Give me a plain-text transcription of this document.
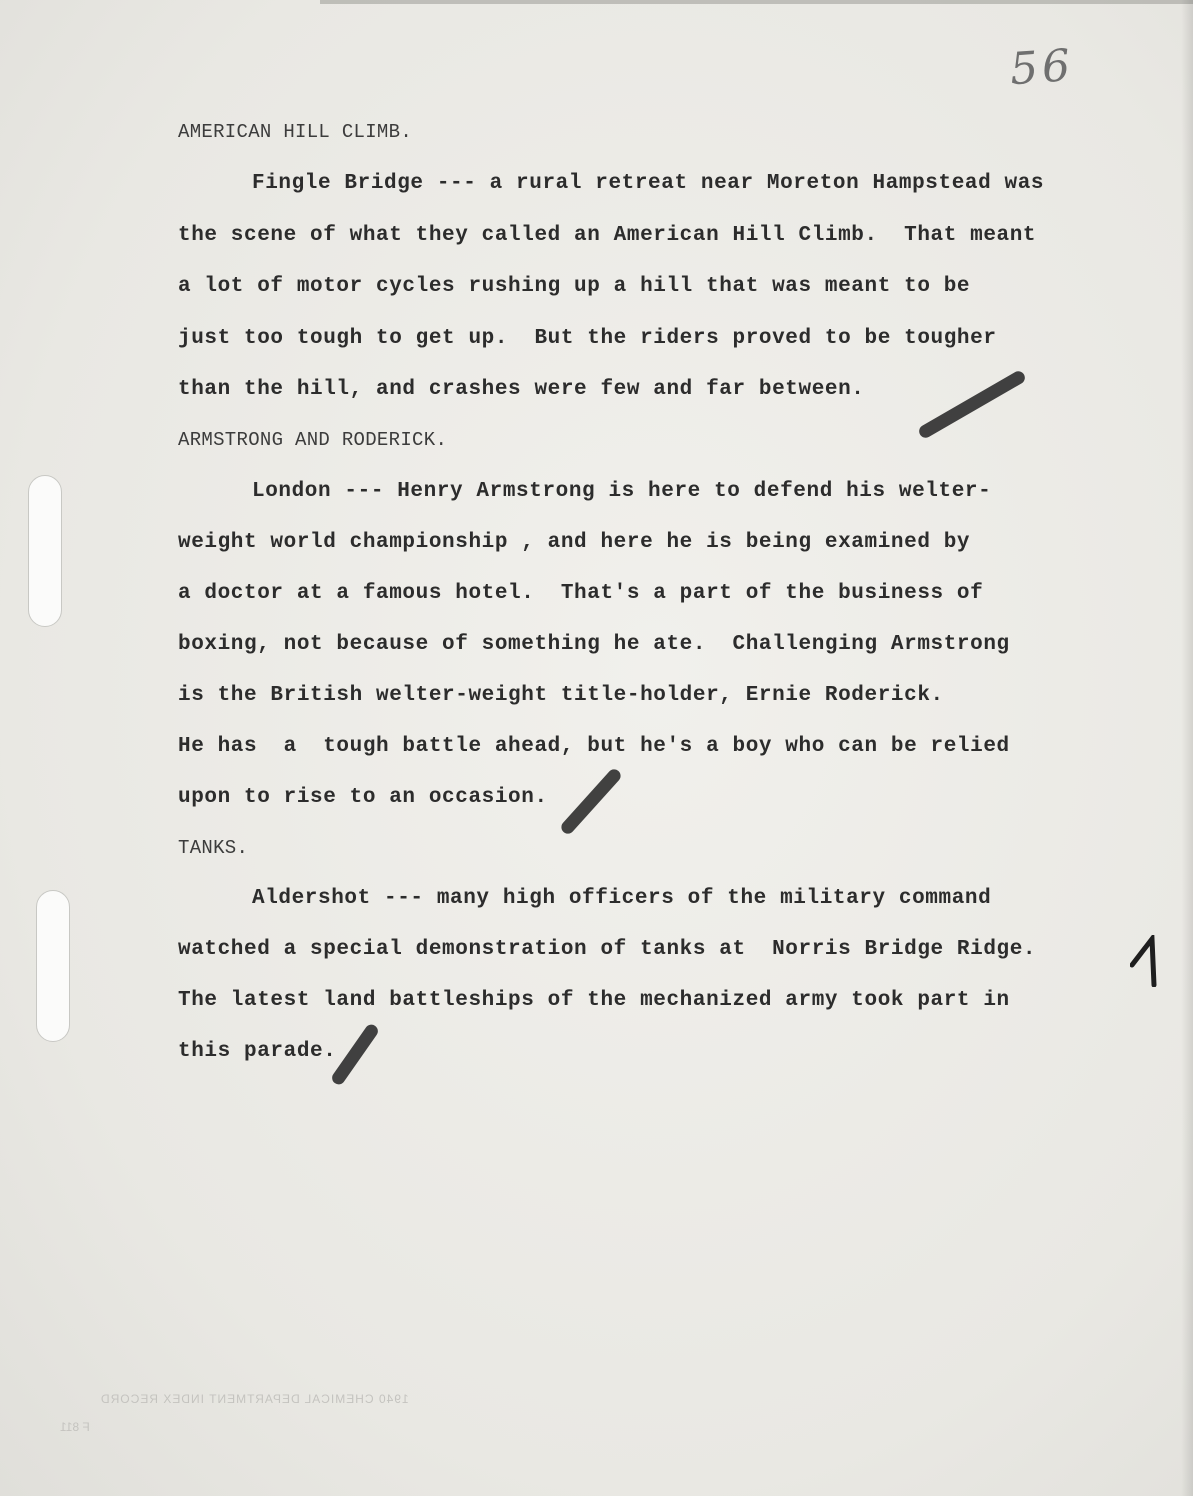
56
AMERICAN HILL CLIMB.
Fingle Bridge --- a rural retreat near Moreton Hampstead was
the scene of what they called an American Hill Climb.  That meant
a lot of motor cycles rushing up a hill that was meant to be
just too tough to get up.  But the riders proved to be tougher
than the hill, and crashes were few and far between.
ARMSTRONG AND RODERICK.
London --- Henry Armstrong is here to defend his welter-
weight world championship , and here he is being examined by
a doctor at a famous hotel.  That's a part of the business of
boxing, not because of something he ate.  Challenging Armstrong
is the British welter-weight title-holder, Ernie Roderick.
He has  a  tough battle ahead, but he's a boy who can be relied
upon to rise to an occasion.
TANKS.
Aldershot --- many high officers of the military command
watched a special demonstration of tanks at  Norris Bridge Ridge.
The latest land battleships of the mechanized army took part in
this parade.
1940 CHEMICAL DEPARTMENT INDEX RECORD
F 811
